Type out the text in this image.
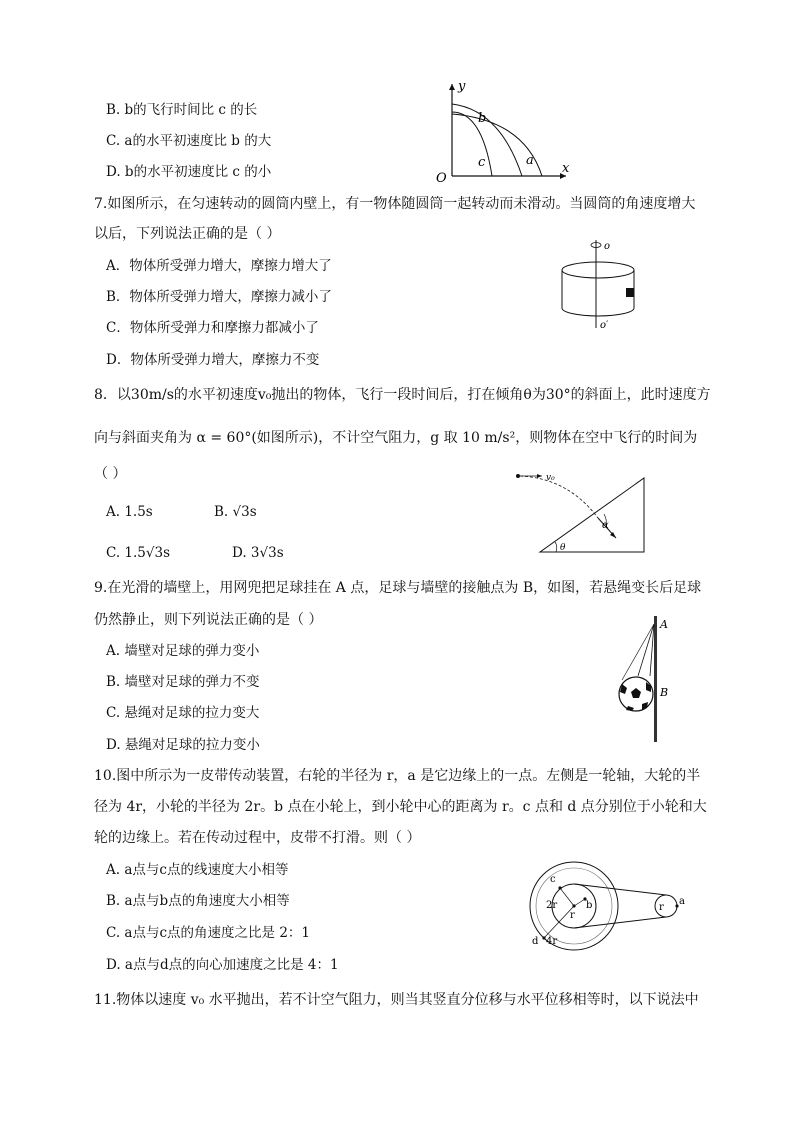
B. b的飞行时间比 c 的长
C. a的水平初速度比 b 的大
D. b的水平初速度比 c 的小
y
x
O
b
c	a
7.如图所示，在匀速转动的圆筒内壁上，有一物体随圆筒一起转动而未滑动。当圆筒的角速度增大
以后，下列说法正确的是（ ）
A．物体所受弹力增大，摩擦力增大了
B．物体所受弹力增大，摩擦力减小了
C．物体所受弹力和摩擦力都减小了
D．物体所受弹力增大，摩擦力不变
o
o′
8．以30m/s的水平初速度v₀抛出的物体，飞行一段时间后，打在倾角θ为30°的斜面上，此时速度方
向与斜面夹角为 α = 60°(如图所示)，不计空气阻力，g 取 10 m/s²，则物体在空中飞行的时间为
（ ）
A. 1.5s	B. √3s
C. 1.5√3s	D. 3√3s
v₀
α
θ
9.在光滑的墙壁上，用网兜把足球挂在 A 点，足球与墙壁的接触点为 B，如图，若悬绳变长后足球
仍然静止，则下列说法正确的是（ ）
A. 墙壁对足球的弹力变小
B. 墙壁对足球的弹力不变
C. 悬绳对足球的拉力变大
D. 悬绳对足球的拉力变小
A
B
10.图中所示为一皮带传动装置，右轮的半径为 r，a 是它边缘上的一点。左侧是一轮轴，大轮的半
径为 4r，小轮的半径为 2r。b 点在小轮上，到小轮中心的距离为 r。c 点和 d 点分别位于小轮和大
轮的边缘上。若在传动过程中，皮带不打滑。则（ ）
A. a点与c点的线速度大小相等
B. a点与b点的角速度大小相等
C. a点与c点的角速度之比是 2：1
D. a点与d点的向心加速度之比是 4：1
c
2r
r
b
d 4r
r
a
11.物体以速度 v₀ 水平抛出，若不计空气阻力，则当其竖直分位移与水平位移相等时，以下说法中
